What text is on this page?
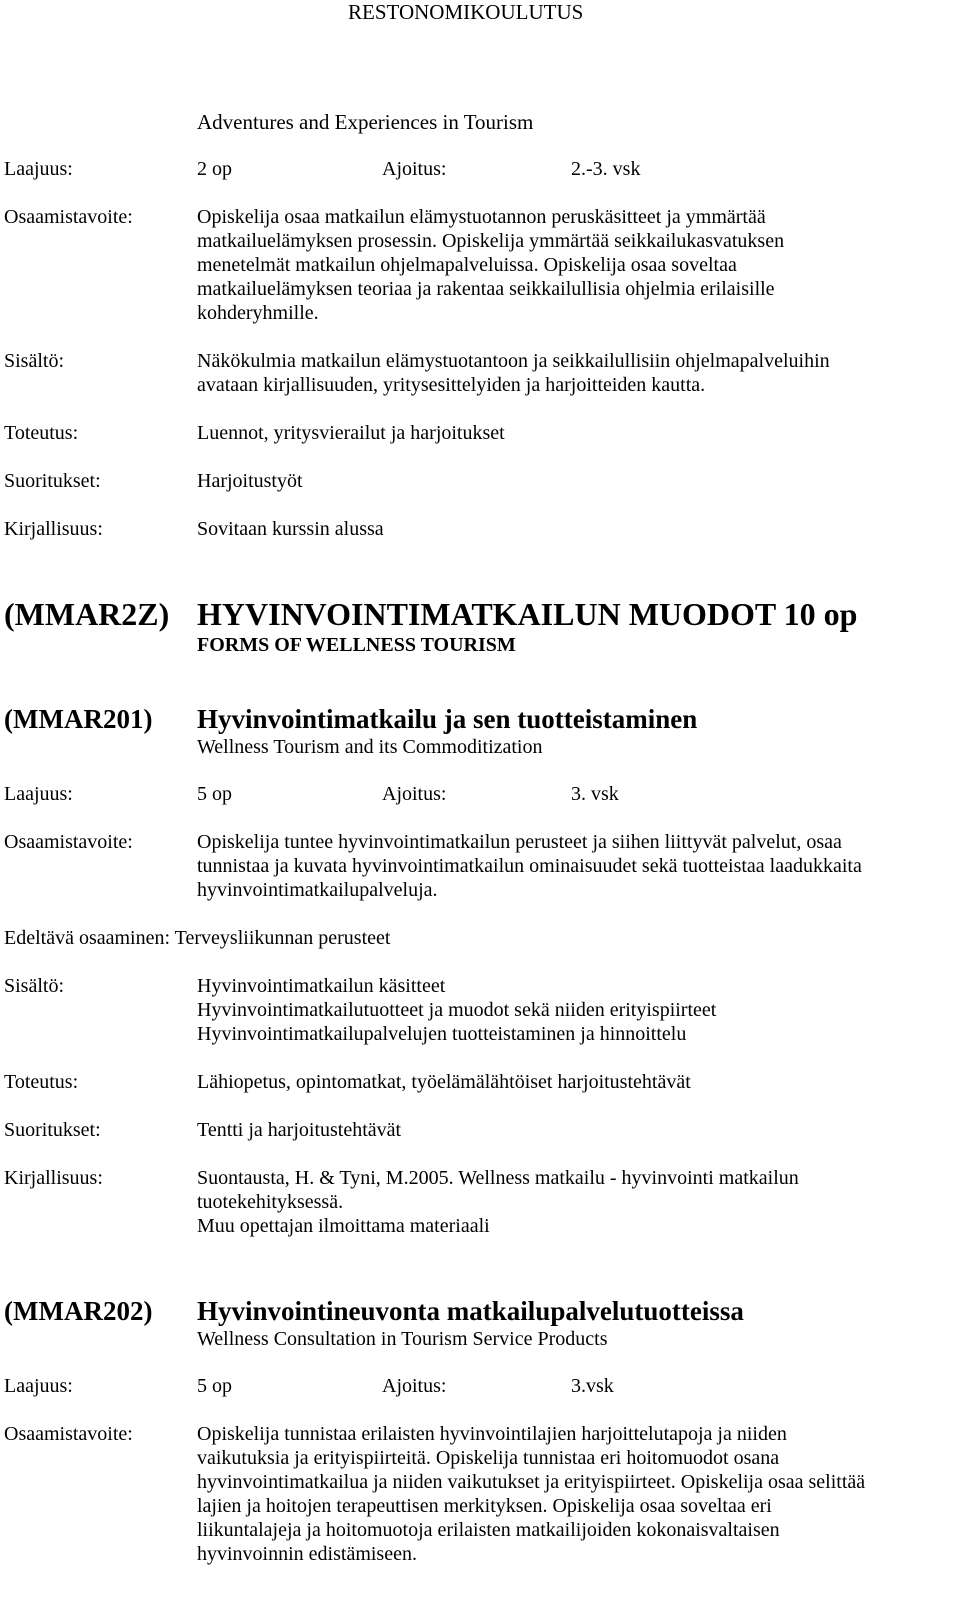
RESTONOMIKOULUTUS
Adventures and Experiences in Tourism
Laajuus:	2 op	Ajoitus:	2.-3. vsk
Osaamistavoite:	Opiskelija osaa matkailun elämystuotannon peruskäsitteet ja ymmärtää
matkailuelämyksen prosessin. Opiskelija ymmärtää seikkailukasvatuksen
menetelmät matkailun ohjelmapalveluissa. Opiskelija osaa soveltaa
matkailuelämyksen teoriaa ja rakentaa seikkailullisia ohjelmia erilaisille
kohderyhmille.
Sisältö:	Näkökulmia matkailun elämystuotantoon ja seikkailullisiin ohjelmapalveluihin
avataan kirjallisuuden, yritysesittelyiden ja harjoitteiden kautta.
Toteutus:	Luennot, yritysvierailut ja harjoitukset
Suoritukset:	Harjoitustyöt
Kirjallisuus:	Sovitaan kurssin alussa
(MMAR2Z) HYVINVOINTIMATKAILUN MUODOT 10 op
FORMS OF WELLNESS TOURISM
(MMAR201) Hyvinvointimatkailu ja sen tuotteistaminen
Wellness Tourism and its Commoditization
Laajuus:	5 op	Ajoitus:	3. vsk
Osaamistavoite:	Opiskelija tuntee hyvinvointimatkailun perusteet ja siihen liittyvät palvelut, osaa
tunnistaa ja kuvata hyvinvointimatkailun ominaisuudet sekä tuotteistaa laadukkaita
hyvinvointimatkailupalveluja.
Edeltävä osaaminen: Terveysliikunnan perusteet
Sisältö:	Hyvinvointimatkailun käsitteet
Hyvinvointimatkailutuotteet ja muodot sekä niiden erityispiirteet
Hyvinvointimatkailupalvelujen tuotteistaminen ja hinnoittelu
Toteutus:	Lähiopetus, opintomatkat, työelämälähtöiset harjoitustehtävät
Suoritukset:	Tentti ja harjoitustehtävät
Kirjallisuus:	Suontausta, H. & Tyni, M.2005. Wellness matkailu - hyvinvointi matkailun
tuotekehityksessä.
Muu opettajan ilmoittama materiaali
(MMAR202) Hyvinvointineuvonta matkailupalvelutuotteissa
Wellness Consultation in Tourism Service Products
Laajuus:	5 op	Ajoitus:	3.vsk
Osaamistavoite:	Opiskelija tunnistaa erilaisten hyvinvointilajien harjoittelutapoja ja niiden
vaikutuksia ja erityispiirteitä. Opiskelija tunnistaa eri hoitomuodot osana
hyvinvointimatkailua ja niiden vaikutukset ja erityispiirteet. Opiskelija osaa selittää
lajien ja hoitojen terapeuttisen merkityksen. Opiskelija osaa soveltaa eri
liikuntalajeja ja hoitomuotoja erilaisten matkailijoiden kokonaisvaltaisen
hyvinvoinnin edistämiseen.
